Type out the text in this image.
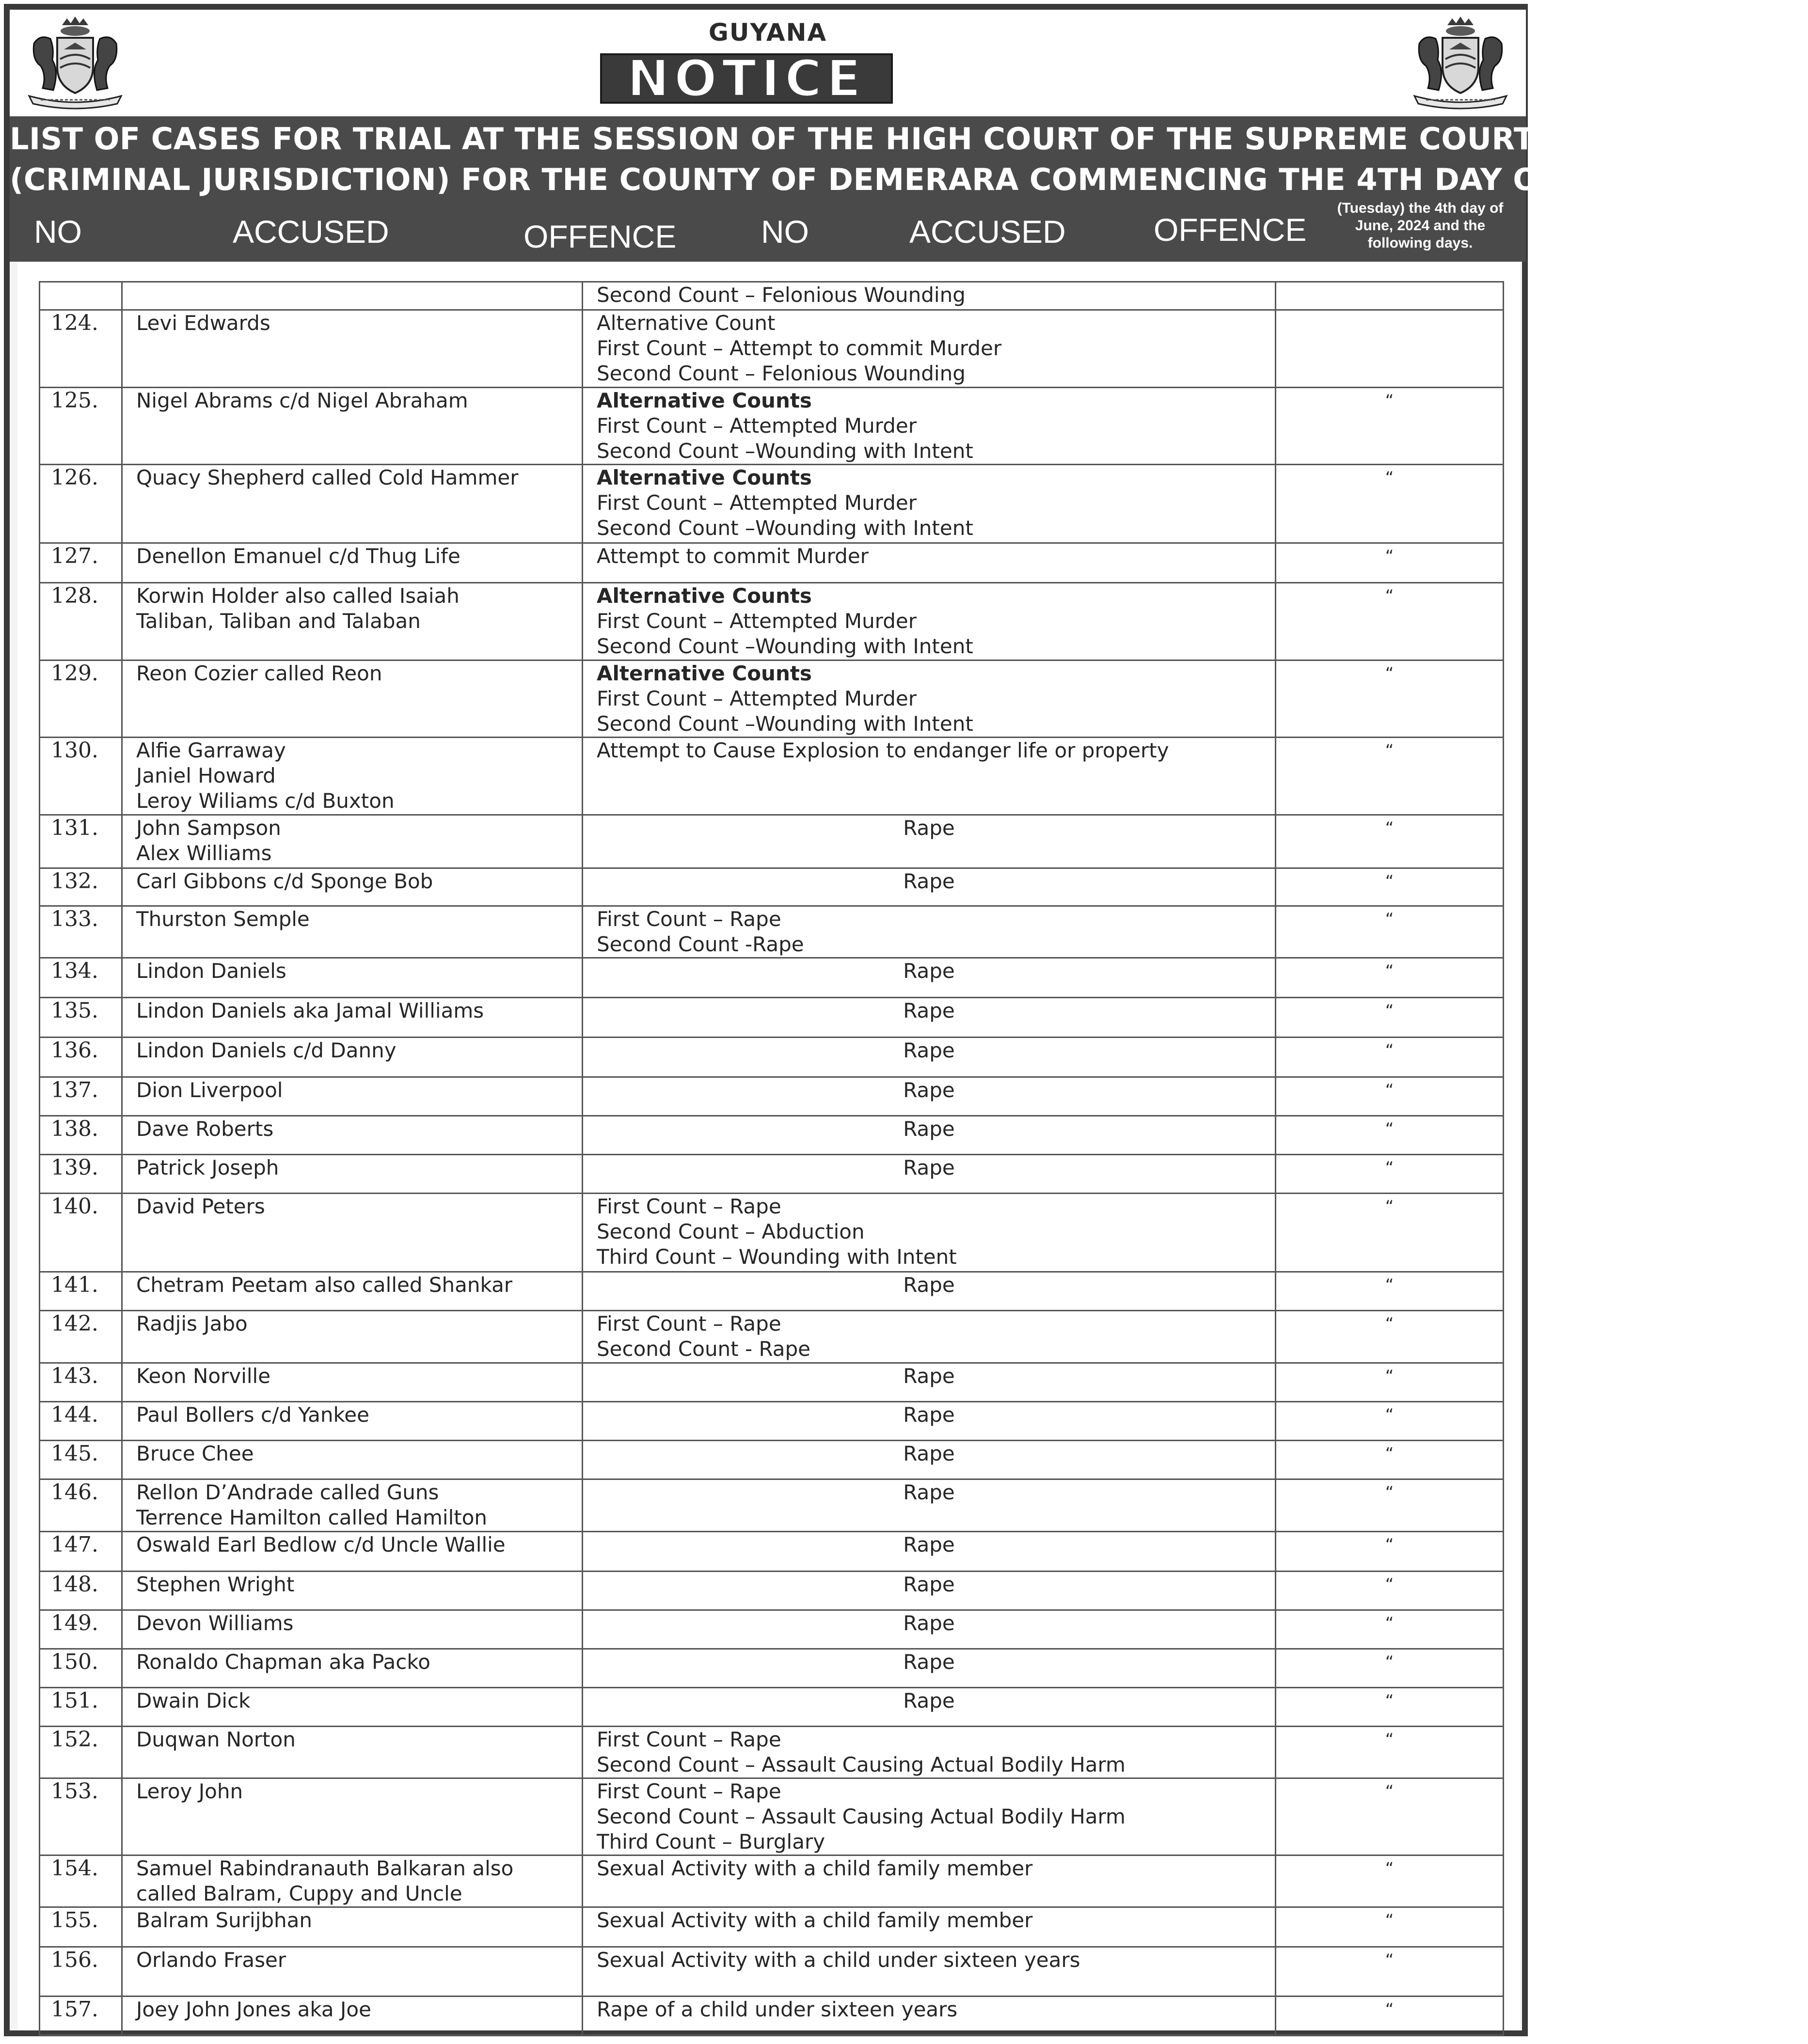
GUYANA
NOTICE
LIST OF CASES FOR TRIAL AT THE SESSION OF THE HIGH COURT OF THE SUPREME COURT OF JUDICATURE
(CRIMINAL JURISDICTION) FOR THE COUNTY OF DEMERARA COMMENCING THE 4TH DAY OF JUNE, 2024.
NO	ACCUSED	OFFENCE	NO	ACCUSED	OFFENCE
(Tuesday) the 4th day of June, 2024 and the following days.

		Second Count – Felonious Wounding	

124.	Levi Edwards	Alternative Count
First Count – Attempt to commit Murder
Second Count – Felonious Wounding	

125.	Nigel Abrams c/d Nigel Abraham	Alternative Counts
First Count – Attempted Murder
Second Count –Wounding with Intent	“
126.	Quacy Shepherd called Cold Hammer	Alternative Counts
First Count – Attempted Murder
Second Count –Wounding with Intent	“
127.	Denellon Emanuel c/d Thug Life	Attempt to commit Murder	“
128.	Korwin Holder also called Isaiah
Taliban, Taliban and Talaban	Alternative Counts
First Count – Attempted Murder
Second Count –Wounding with Intent	“
129.	Reon Cozier called Reon	Alternative Counts
First Count – Attempted Murder
Second Count –Wounding with Intent	“
130.	Alfie Garraway
Janiel Howard
Leroy Wiliams c/d Buxton	Attempt to Cause Explosion to endanger life or property	“
131.	John Sampson
Alex Williams	Rape	“
132.	Carl Gibbons c/d Sponge Bob	Rape	“
133.	Thurston Semple	First Count – Rape
Second Count -Rape	“
134.	Lindon Daniels	Rape	“
135.	Lindon Daniels aka Jamal Williams	Rape	“
136.	Lindon Daniels c/d Danny	Rape	“
137.	Dion Liverpool	Rape	“
138.	Dave Roberts	Rape	“
139.	Patrick Joseph	Rape	“
140.	David Peters	First Count – Rape
Second Count – Abduction
Third Count – Wounding with Intent	“
141.	Chetram Peetam also called Shankar	Rape	“
142.	Radjis Jabo	First Count – Rape
Second Count - Rape	“
143.	Keon Norville	Rape	“
144.	Paul Bollers c/d Yankee	Rape	“
145.	Bruce Chee	Rape	“
146.	Rellon D’Andrade called Guns
Terrence Hamilton called Hamilton	Rape	“
147.	Oswald Earl Bedlow c/d Uncle Wallie	Rape	“
148.	Stephen Wright	Rape	“
149.	Devon Williams	Rape	“
150.	Ronaldo Chapman aka Packo	Rape	“
151.	Dwain Dick	Rape	“
152.	Duqwan Norton	First Count – Rape
Second Count – Assault Causing Actual Bodily Harm	“
153.	Leroy John	First Count – Rape
Second Count – Assault Causing Actual Bodily Harm
Third Count – Burglary	“
154.	Samuel Rabindranauth Balkaran also
called Balram, Cuppy and Uncle	Sexual Activity with a child family member	“
155.	Balram Surijbhan	Sexual Activity with a child family member	“
156.	Orlando Fraser	Sexual Activity with a child under sixteen years	“
157.	Joey John Jones aka Joe	Rape of a child under sixteen years	“
